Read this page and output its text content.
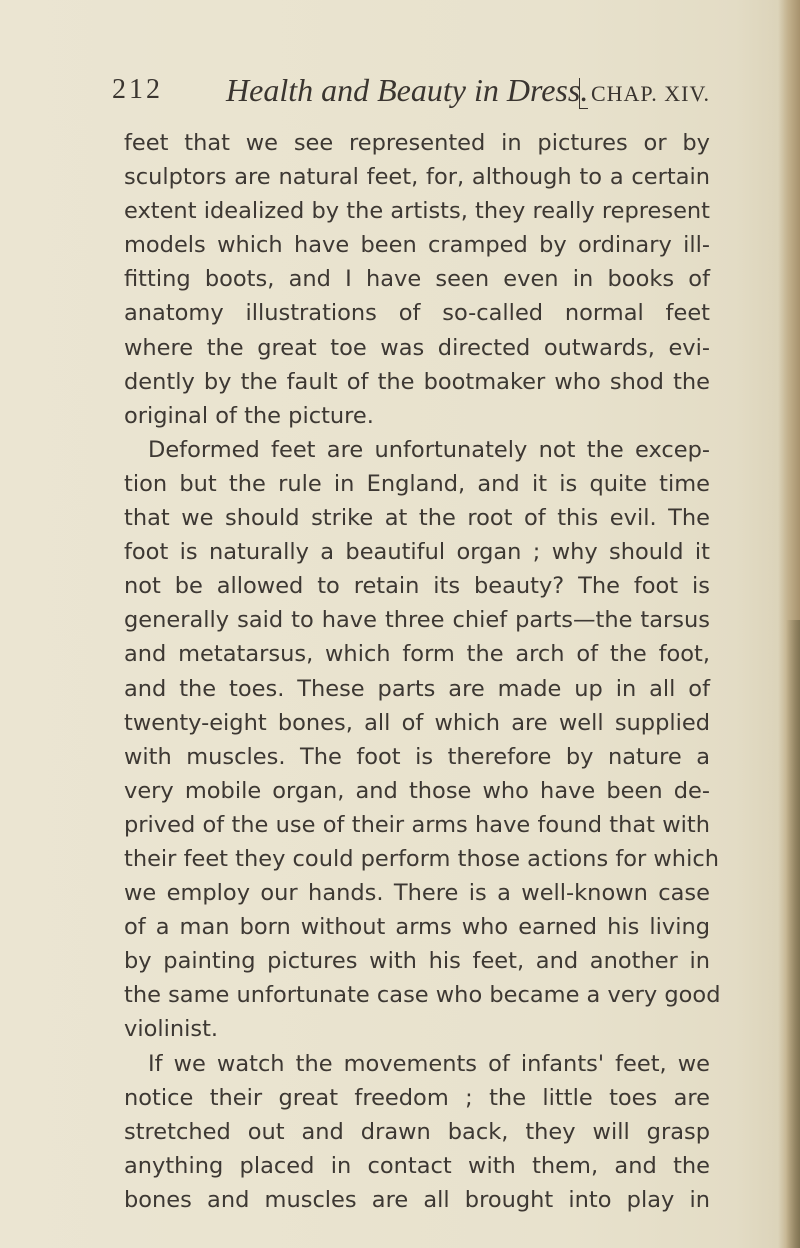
212 Health and Beauty in Dress. CHAP. XIV.
feet that we see represented in pictures or by
sculptors are natural feet, for, although to a certain
extent idealized by the artists, they really represent
models which have been cramped by ordinary ill-
fitting boots, and I have seen even in books of
anatomy illustrations of so-called normal feet
where the great toe was directed outwards, evi-
dently by the fault of the bootmaker who shod the
original of the picture.
Deformed feet are unfortunately not the excep-
tion but the rule in England, and it is quite time
that we should strike at the root of this evil. The
foot is naturally a beautiful organ ; why should it
not be allowed to retain its beauty? The foot is
generally said to have three chief parts—the tarsus
and metatarsus, which form the arch of the foot,
and the toes. These parts are made up in all of
twenty-eight bones, all of which are well supplied
with muscles. The foot is therefore by nature a
very mobile organ, and those who have been de-
prived of the use of their arms have found that with
their feet they could perform those actions for which
we employ our hands. There is a well-known case
of a man born without arms who earned his living
by painting pictures with his feet, and another in
the same unfortunate case who became a very good
violinist.
If we watch the movements of infants' feet, we
notice their great freedom ; the little toes are
stretched out and drawn back, they will grasp
anything placed in contact with them, and the
bones and muscles are all brought into play in
